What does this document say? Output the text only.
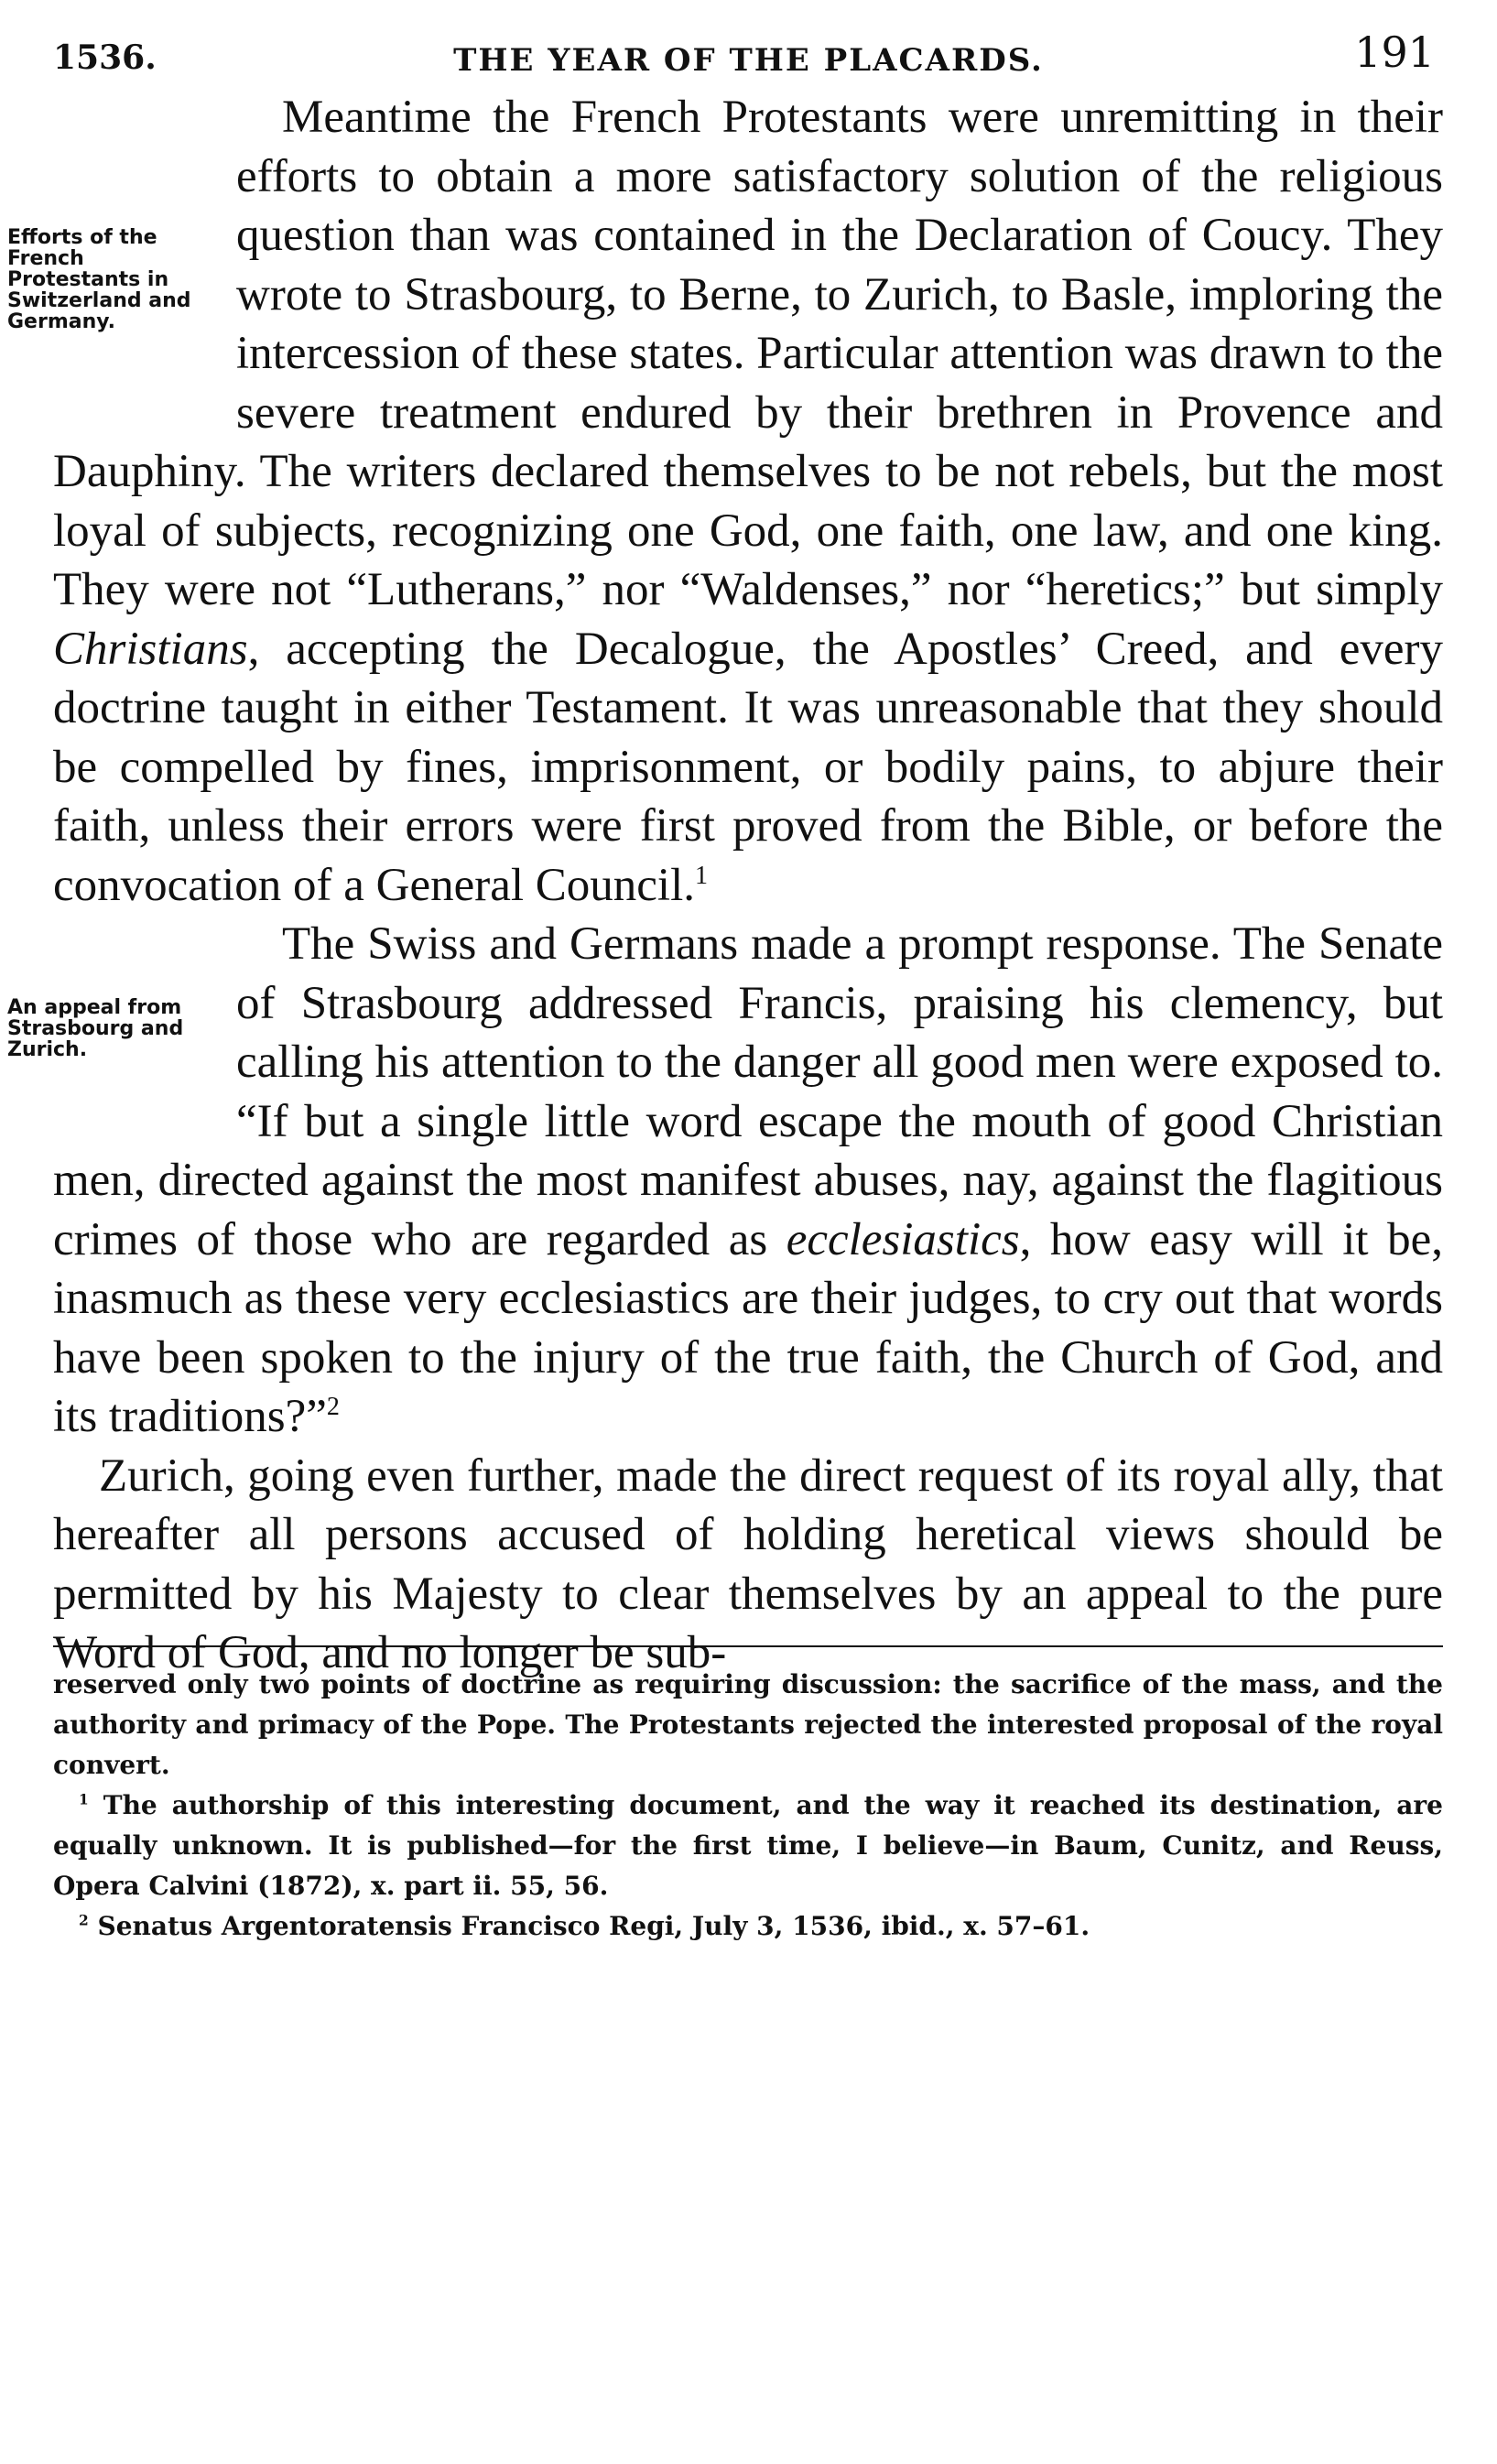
1536.	THE YEAR OF THE PLACARDS.	191

Efforts of the French Protestants in Switzerland and Germany.
Meantime the French Protestants were unremitting in their efforts to obtain a more satisfactory solution of the religious question than was contained in the Declaration of Coucy. They wrote to Strasbourg, to Berne, to Zurich, to Basle, imploring the intercession of these states. Particular attention was drawn to the severe treatment endured by their brethren in Provence and Dauphiny. The writers declared themselves to be not rebels, but the most loyal of subjects, recognizing one God, one faith, one law, and one king. They were not “Lutherans,” nor “Waldenses,” nor “heretics;” but simply Christians, accepting the Decalogue, the Apostles’ Creed, and every doctrine taught in either Testament. It was unreasonable that they should be compelled by fines, imprisonment, or bodily pains, to abjure their faith, unless their errors were first proved from the Bible, or before the convocation of a General Council.$^1$

An appeal from Strasbourg and Zurich.
The Swiss and Germans made a prompt response. The Senate of Strasbourg addressed Francis, praising his clemency, but calling his attention to the danger all good men were exposed to. “If but a single little word escape the mouth of good Christian men, directed against the most manifest abuses, nay, against the flagitious crimes of those who are regarded as ecclesiastics, how easy will it be, inasmuch as these very ecclesiastics are their judges, to cry out that words have been spoken to the injury of the true faith, the Church of God, and its traditions?”$^2$

Zurich, going even further, made the direct request of its royal ally, that hereafter all persons accused of holding heretical views should be permitted by his Majesty to clear themselves by an appeal to the pure Word of God, and no longer be sub-

reserved only two points of doctrine as requiring discussion: the sacrifice of the mass, and the authority and primacy of the Pope. The Protestants rejected the interested proposal of the royal convert.

$^1$ The authorship of this interesting document, and the way it reached its destination, are equally unknown. It is published—for the first time, I believe—in Baum, Cunitz, and Reuss, Opera Calvini (1872), x. part ii. 55, 56.

$^2$ Senatus Argentoratensis Francisco Regi, July 3, 1536, ibid., x. 57–61.
